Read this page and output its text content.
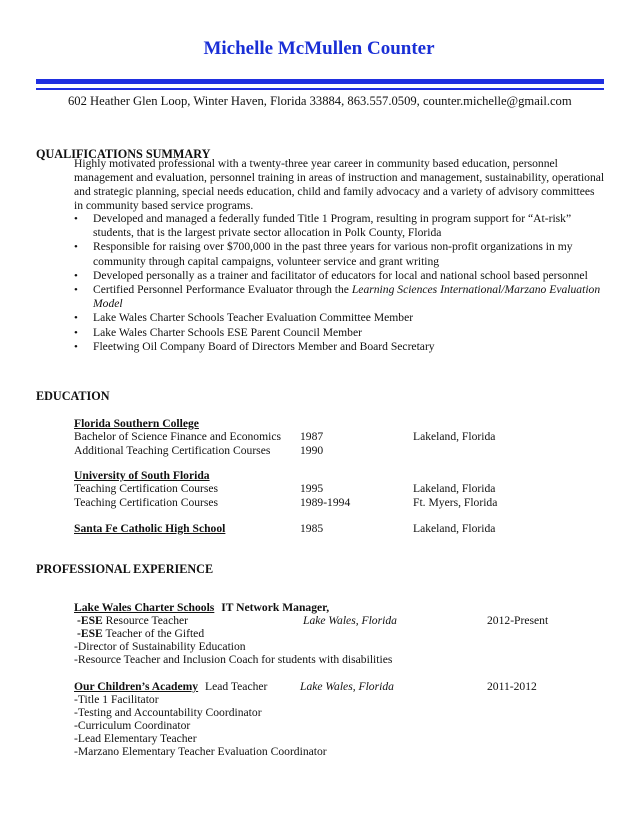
Michelle McMullen Counter
602 Heather Glen Loop, Winter Haven, Florida 33884, 863.557.0509, counter.michelle@gmail.com
QUALIFICATIONS SUMMARY
Highly motivated professional with a twenty-three year career in community based education, personnel
management and evaluation, personnel training in areas of instruction and management, sustainability, operational
and strategic planning, special needs education, child and family advocacy and a variety of advisory committees
in community based service programs.
• Developed and managed a federally funded Title 1 Program, resulting in program support for “At-risk”
students, that is the largest private sector allocation in Polk County, Florida
• Responsible for raising over $700,000 in the past three years for various non-profit organizations in my
community through capital campaigns, volunteer service and grant writing
• Developed personally as a trainer and facilitator of educators for local and national school based personnel
• Certified Personnel Performance Evaluator through the Learning Sciences International/Marzano Evaluation
Model
• Lake Wales Charter Schools Teacher Evaluation Committee Member
• Lake Wales Charter Schools ESE Parent Council Member
• Fleetwing Oil Company Board of Directors Member and Board Secretary
EDUCATION
Florida Southern College
Bachelor of Science Finance and Economics 1987	Lakeland, Florida
Additional Teaching Certification Courses	1990
University of South Florida
Teaching Certification Courses	1995	Lakeland, Florida
Teaching Certification Courses	1989-1994	Ft. Myers, Florida
Santa Fe Catholic High School	1985	Lakeland, Florida
PROFESSIONAL EXPERIENCE
Lake Wales Charter Schools IT Network Manager,
-ESE Resource Teacher	Lake Wales, Florida	2012-Present
-ESE Teacher of the Gifted
-Director of Sustainability Education
-Resource Teacher and Inclusion Coach for students with disabilities
Our Children’s Academy Lead Teacher	Lake Wales, Florida	2011-2012
-Title 1 Facilitator
-Testing and Accountability Coordinator
-Curriculum Coordinator
-Lead Elementary Teacher
-Marzano Elementary Teacher Evaluation Coordinator
